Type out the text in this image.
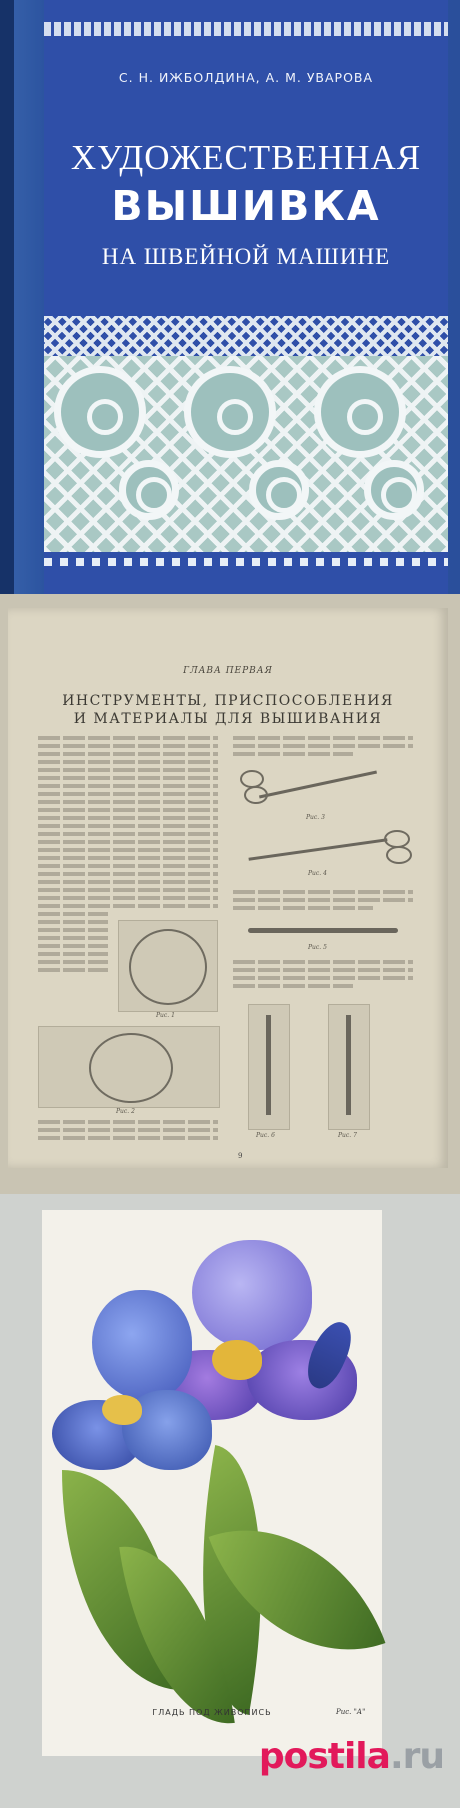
С. Н. ИЖБОЛДИНА, А. М. УВАРОВА
ХУДОЖЕСТВЕННАЯ
ВЫШИВКА
НА ШВЕЙНОЙ МАШИНЕ
ГЛАВА ПЕРВАЯ
ИНСТРУМЕНТЫ, ПРИСПОСОБЛЕНИЯ
И МАТЕРИАЛЫ ДЛЯ ВЫШИВАНИЯ
Рис. 1
Рис. 2
Рис. 3
Рис. 4
Рис. 5
Рис. 6	Рис. 7
9
ГЛАДЬ ПОД ЖИВОПИСЬ	Рис. "А"
postila.ru
